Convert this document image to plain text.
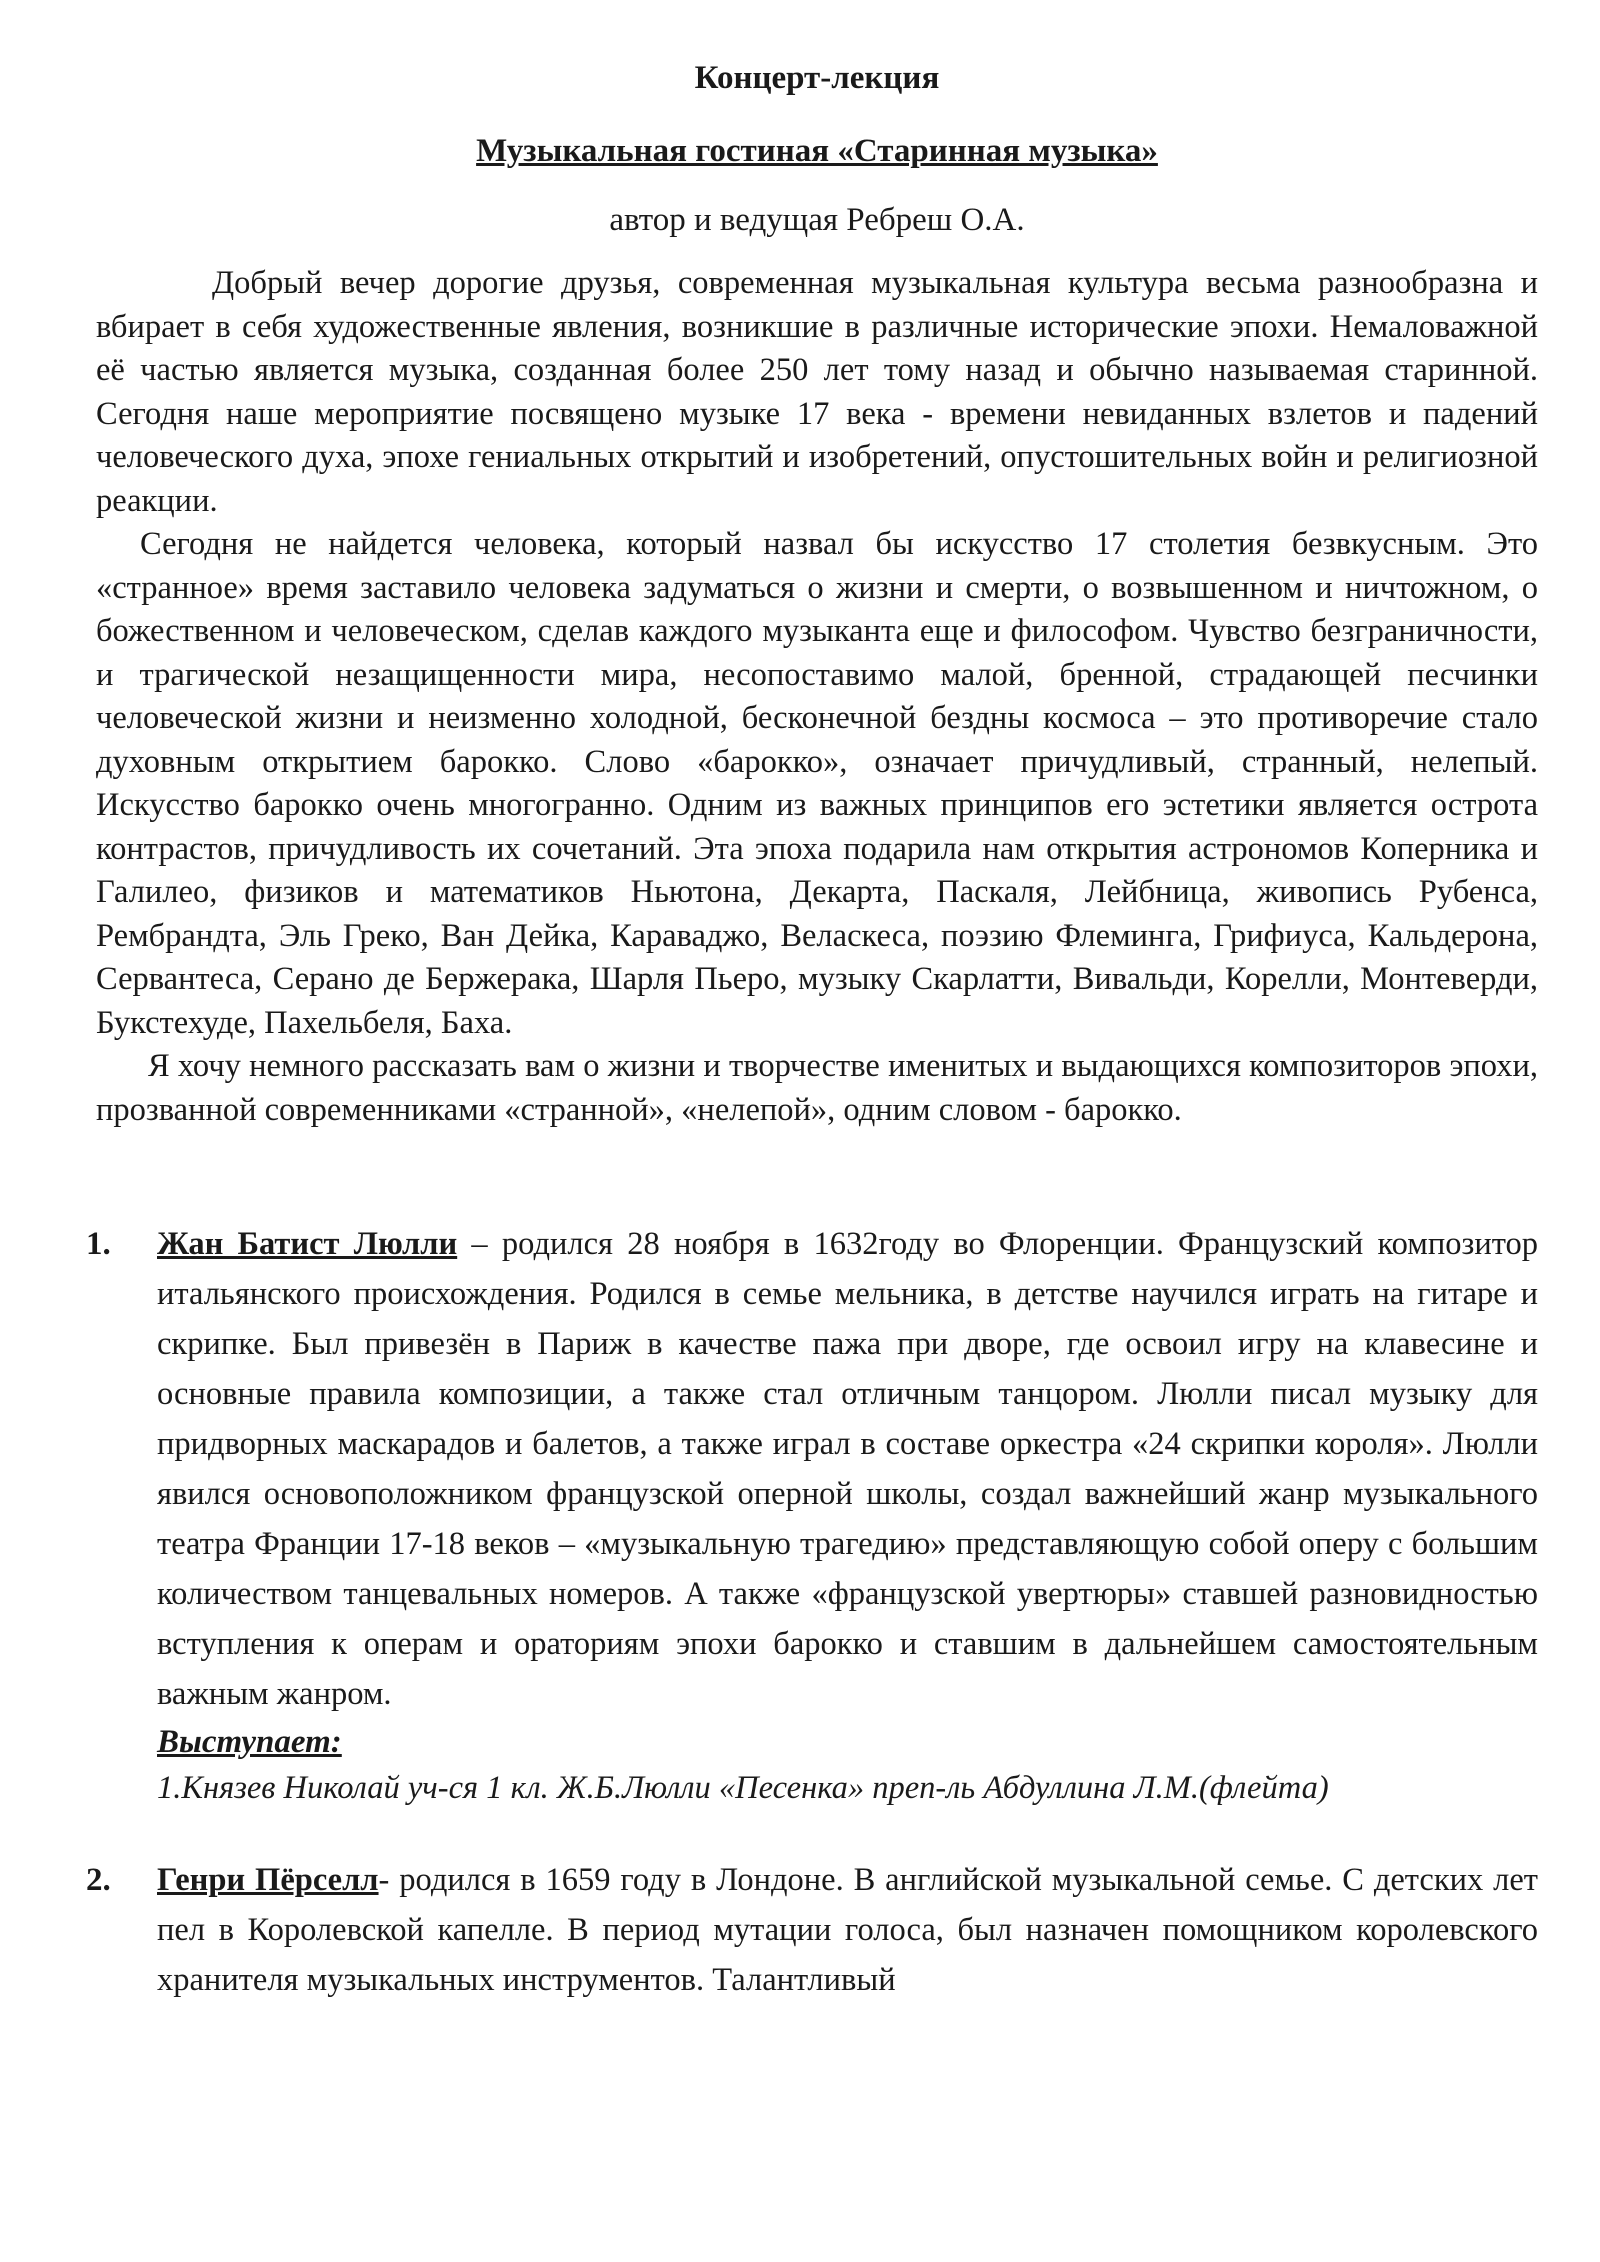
Концерт-лекция

Музыкальная гостиная «Старинная музыка»

автор и ведущая Ребреш О.А.

Добрый вечер дорогие друзья, современная музыкальная культура весьма разнообразна и вбирает в себя художественные явления, возникшие в различные исторические эпохи. Немаловажной её частью является музыка, созданная более 250 лет тому назад и обычно называемая старинной. Сегодня наше мероприятие посвящено музыке 17 века - времени невиданных взлетов и падений человеческого духа, эпохе гениальных открытий и изобретений, опустошительных войн и религиозной реакции.

Сегодня не найдется человека, который назвал бы искусство 17 столетия безвкусным. Это «странное» время заставило человека задуматься о жизни и смерти, о возвышенном и ничтожном, о божественном и человеческом, сделав каждого музыканта еще и философом. Чувство безграничности, и трагической незащищенности мира, несопоставимо малой, бренной, страдающей песчинки человеческой жизни и неизменно холодной, бесконечной бездны космоса – это противоречие стало духовным открытием барокко. Слово «барокко», означает причудливый, странный, нелепый. Искусство барокко очень многогранно. Одним из важных принципов его эстетики является острота контрастов, причудливость их сочетаний. Эта эпоха подарила нам открытия астрономов Коперника и Галилео, физиков и математиков Ньютона, Декарта, Паскаля, Лейбница, живопись Рубенса, Рембрандта, Эль Греко, Ван Дейка, Караваджо, Веласкеса, поэзию Флеминга, Грифиуса, Кальдерона, Сервантеса, Серано де Бержерака, Шарля Пьеро, музыку Скарлатти, Вивальди, Корелли, Монтеверди, Букстехуде, Пахельбеля, Баха.

Я хочу немного рассказать вам о жизни и творчестве именитых и выдающихся композиторов эпохи, прозванной современниками «странной», «нелепой», одним словом - барокко.

1. Жан Батист Люлли – родился 28 ноября в 1632году во Флоренции. Французский композитор итальянского происхождения. Родился в семье мельника, в детстве научился играть на гитаре и скрипке. Был привезён в Париж в качестве пажа при дворе, где освоил игру на клавесине и основные правила композиции, а также стал отличным танцором. Люлли писал музыку для придворных маскарадов и балетов, а также играл в составе оркестра «24 скрипки короля». Люлли явился основоположником французской оперной школы, создал важнейший жанр музыкального театра Франции 17-18 веков – «музыкальную трагедию» представляющую собой оперу с большим количеством танцевальных номеров. А также «французской увертюры» ставшей разновидностью вступления к операм и ораториям эпохи барокко и ставшим в дальнейшем самостоятельным важным жанром.

Выступает:

1.Князев Николай уч-ся 1 кл. Ж.Б.Люлли «Песенка» преп-ль Абдуллина Л.М.(флейта)

2. Генри Пёрселл- родился в 1659 году в Лондоне. В английской музыкальной семье. С детских лет пел в Королевской капелле. В период мутации голоса, был назначен помощником королевского хранителя музыкальных инструментов. Талантливый
